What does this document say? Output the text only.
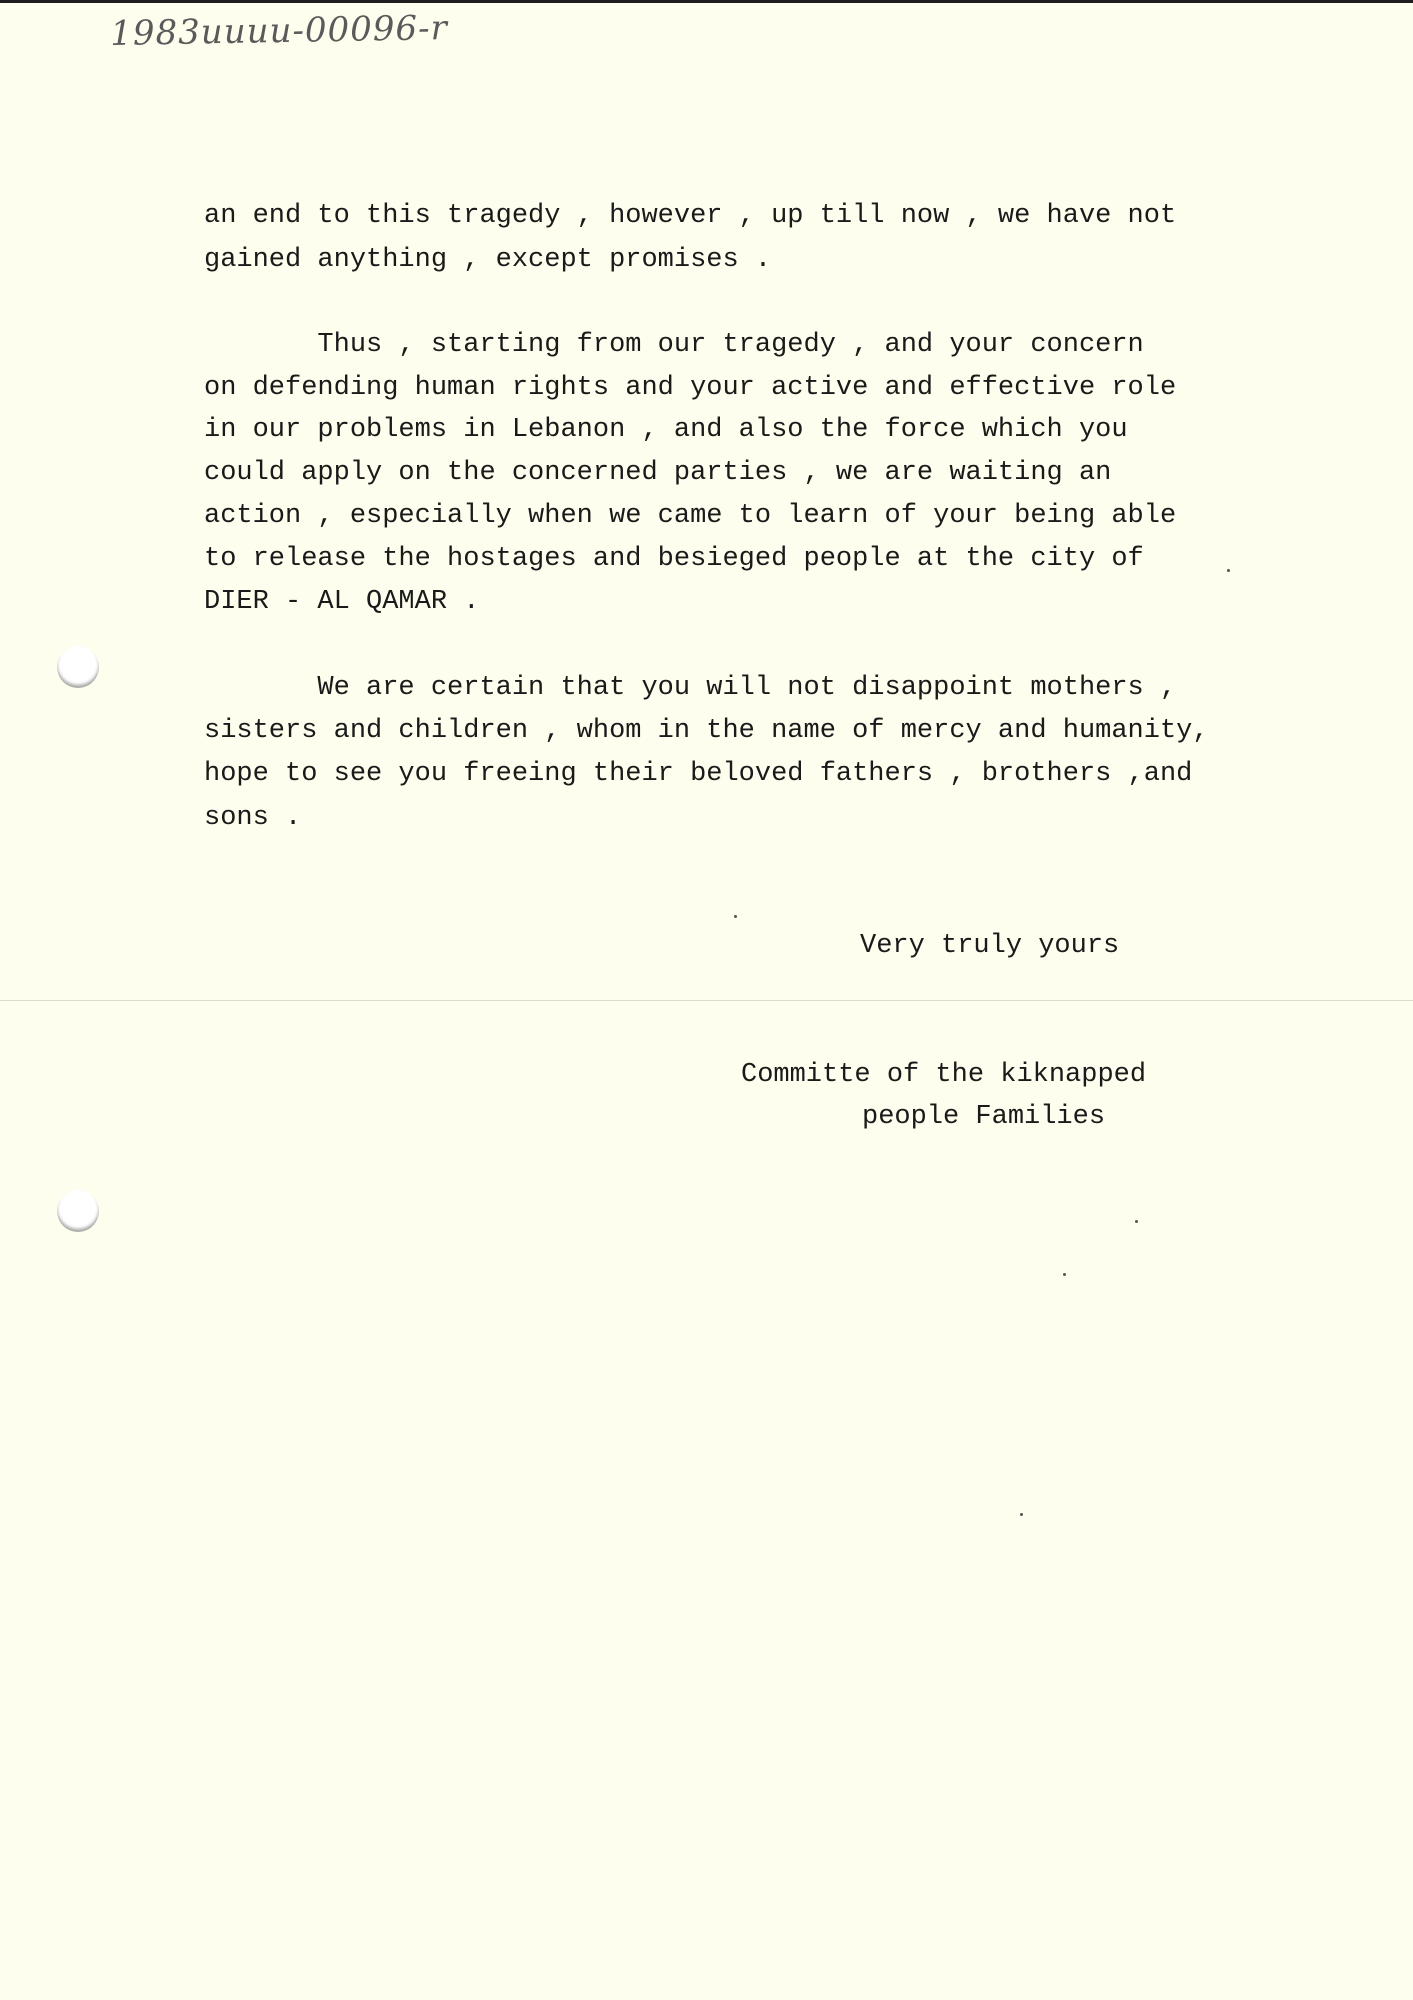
1983uuuu-00096-r

an end to this tragedy , however , up till now , we have not

gained anything , except promises .

Thus , starting from our tragedy , and your concern

on defending human rights and your active and effective role

in our problems in Lebanon , and also the force which you

could apply on the concerned parties , we are waiting an

action , especially when we came to learn of your being able

to release the hostages and besieged people at the city of

DIER - AL QAMAR .

We are certain that you will not disappoint mothers ,

sisters and children , whom in the name of mercy and humanity,

hope to see you freeing their beloved fathers , brothers ,and

sons .

Very truly yours

Committe of the kiknapped

people Families
